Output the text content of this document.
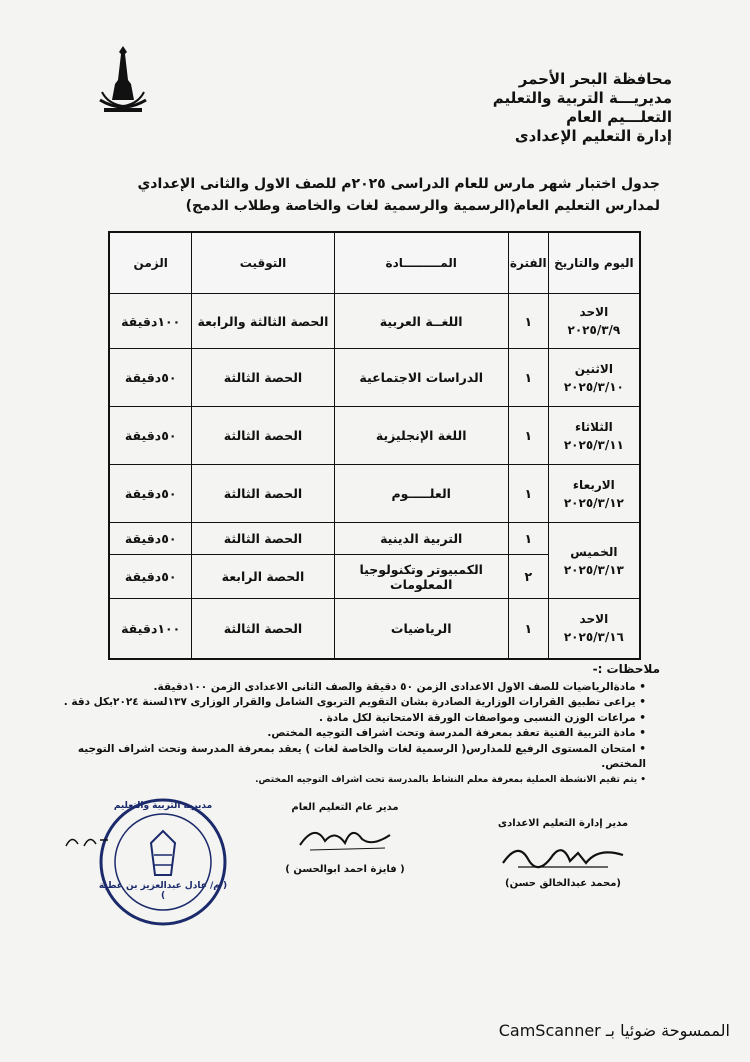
محافظة البحر الأحمر
مديريـــة التربية والتعليم
التعلـــيم العام
إدارة التعليم الإعدادى
جدول اختبار شهر مارس للعام الدراسى ٢٠٢٥م للصف الاول والثانى الإعدادي
لمدارس التعليم العام(الرسمية والرسمية لغات والخاصة وطلاب الدمج)
اليوم والتاريخ	الفترة	المـــــــــادة	التوقيت	الزمن
الاحد
٢٠٢٥/٣/٩	١	اللغــة العربية	الحصة الثالثة والرابعة	١٠٠دقيقة
الاثنين
٢٠٢٥/٣/١٠	١	الدراسات الاجتماعية	الحصة الثالثة	٥٠دقيقة
الثلاثاء
٢٠٢٥/٣/١١	١	اللغة الإنجليزية	الحصة الثالثة	٥٠دقيقة
الاربعاء
٢٠٢٥/٣/١٢	١	العلـــــوم	الحصة الثالثة	٥٠دقيقة
الخميس
٢٠٢٥/٣/١٣	١	التربية الدينية	الحصة الثالثة	٥٠دقيقة
	٢	الكمبيوتر وتكنولوجيا المعلومات	الحصة الرابعة	٥٠دقيقة
الاحد
٢٠٢٥/٣/١٦	١	الرياضيات	الحصة الثالثة	١٠٠دقيقة
ملاحظات :-
• مادةالرياضيات للصف الاول الاعدادى الزمن ٥٠ دقيقة والصف الثانى الاعدادى الزمن ١٠٠دقيقة.
• يراعى تطبيق القرارات الوزارية الصادرة بشان التقويم التربوى الشامل والقرار الوزارى ١٣٧لسنة ٢٠٢٤بكل دقة .
• مراعات الوزن النسبى ومواصفات الورقة الامتحانية لكل مادة .
• مادة التربية الفنية تعقد بمعرفة المدرسة وتحت اشراف التوجيه المختص.
• امتحان المستوى الرفيع للمدارس( الرسمية لغات والخاصة لغات ) يعقد بمعرفة المدرسة وتحت اشراف التوجيه المختص.
• يتم تقيم الانشطة العملية بمعرفة معلم النشاط بالمدرسة تحت اشراف التوجيه المختص.
مدير إدارة التعليم الاعدادى
(محمد عبدالخالق حسن)
مدير عام التعليم العام
( فايزة احمد ابوالحسن )
مديرية التربية والتعليم
( م/ عادل عبدالعزيز بن عطية )
الممسوحة ضوئيا بـ CamScanner
